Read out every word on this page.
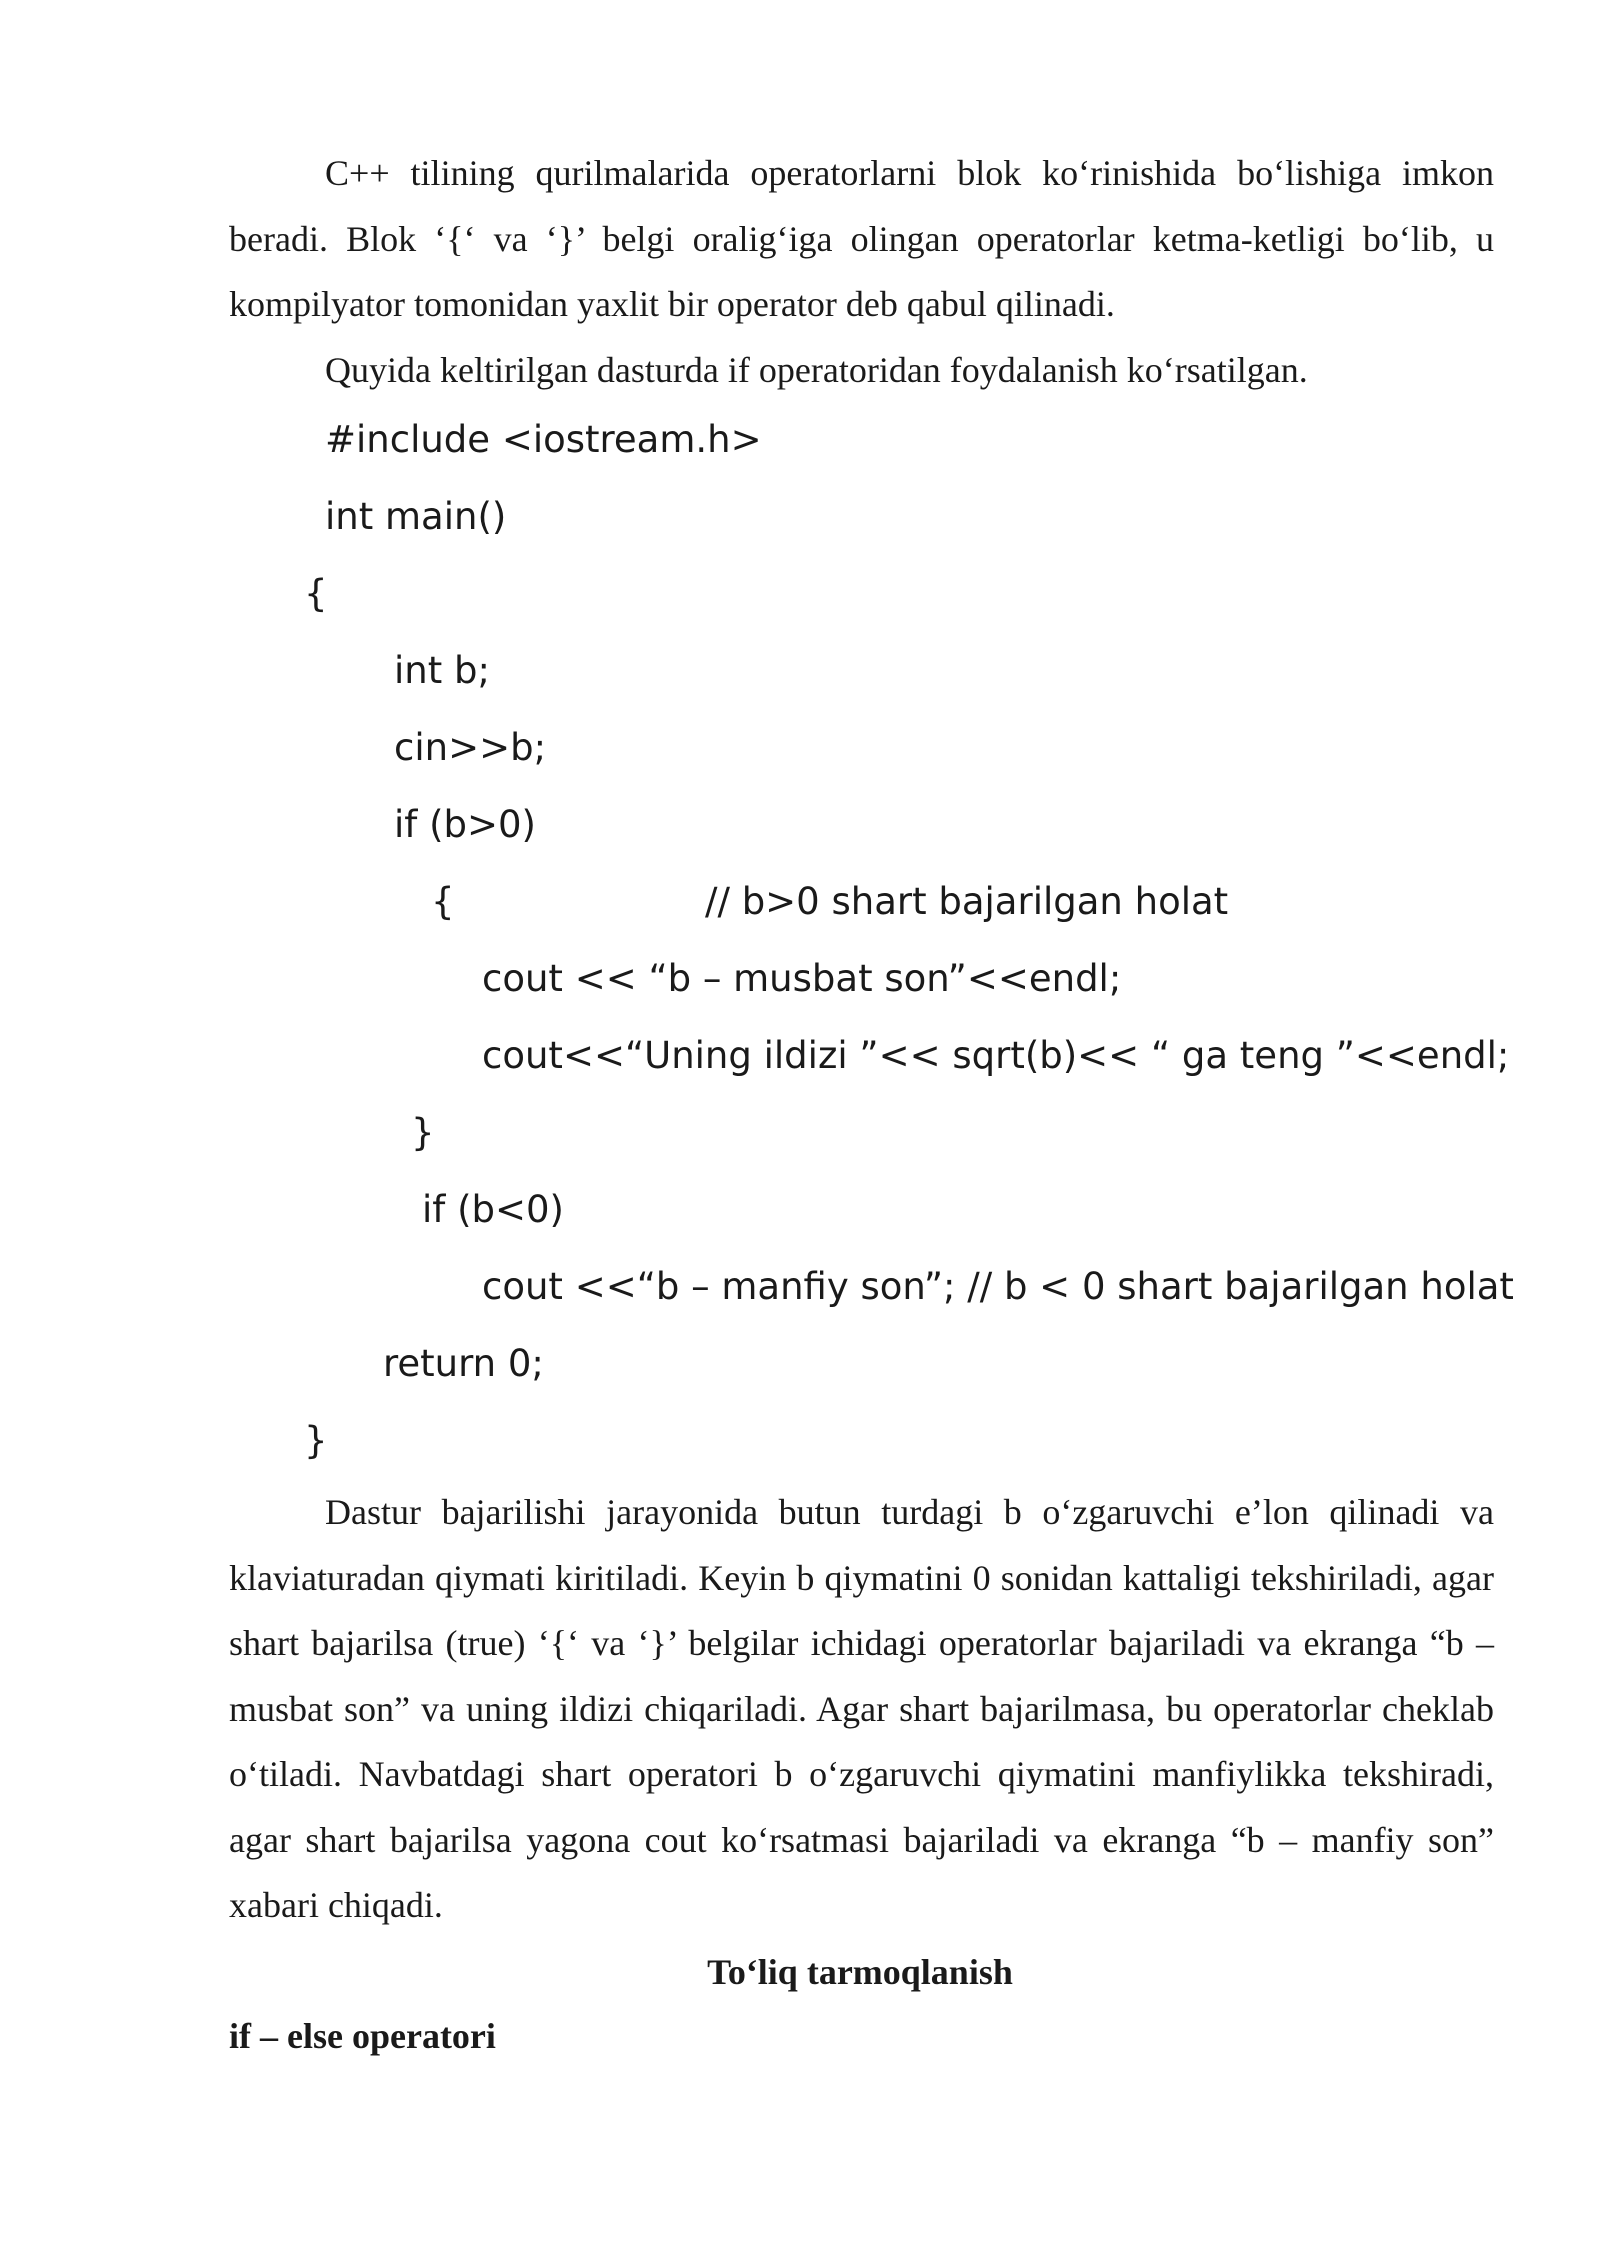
C++ tilining qurilmalarida operatorlarni blok ko‘rinishida bo‘lishiga imkon beradi. Blok ‘{‘ va ‘}’ belgi oralig‘iga olingan operatorlar ketma-ketligi bo‘lib, u kompilyator tomonidan yaxlit bir operator deb qabul qilinadi.

Quyida keltirilgan dasturda if operatoridan foydalanish ko‘rsatilgan.

#include <iostream.h>
int main()
{
int b;
cin>>b;
if (b>0)
{	// b>0 shart bajarilgan holat
cout << “b – musbat son”<<endl;
cout<<“Uning ildizi ”<< sqrt(b)<< “ ga teng ”<<endl;
}
if (b<0)
cout <<“b – manfiy son”; // b < 0 shart bajarilgan holat
return 0;
}

Dastur bajarilishi jarayonida butun turdagi b o‘zgaruvchi e’lon qilinadi va klaviaturadan qiymati kiritiladi. Keyin b qiymatini 0 sonidan kattaligi tekshiriladi, agar shart bajarilsa (true) ‘{‘ va ‘}’ belgilar ichidagi operatorlar bajariladi va ekranga “b – musbat son” va uning ildizi chiqariladi. Agar shart bajarilmasa, bu operatorlar cheklab o‘tiladi. Navbatdagi shart operatori b o‘zgaruvchi qiymatini manfiylikka tekshiradi, agar shart bajarilsa yagona cout ko‘rsatmasi bajariladi va ekranga “b – manfiy son” xabari chiqadi.

To‘liq tarmoqlanish
if – else operatori
